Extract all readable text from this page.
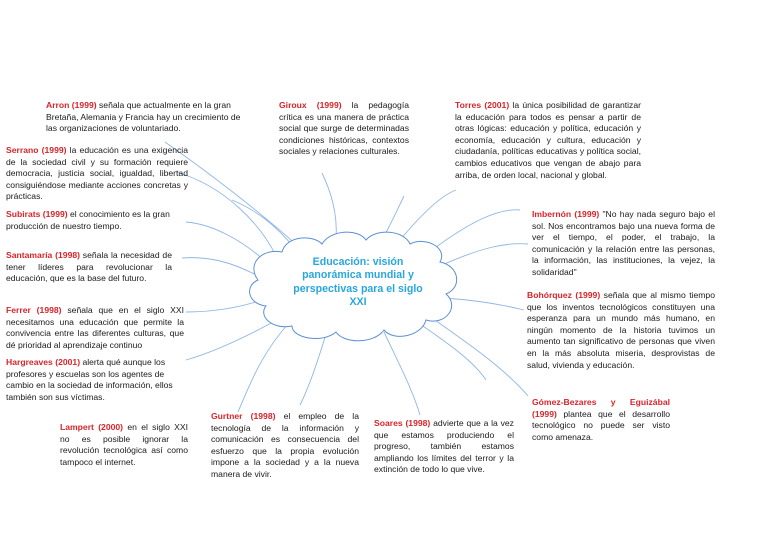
Educación: visión panorámica mundial y perspectivas para el siglo XXI
Arron (1999) señala que actualmente en la gran Bretaña, Alemania y Francia hay un crecimiento de las organizaciones de voluntariado.
Giroux (1999) la pedagogía crítica es una manera de práctica social que surge de determinadas condiciones históricas, contextos sociales y relaciones culturales.
Torres (2001) la única posibilidad de garantizar la educación para todos es pensar a partir de otras lógicas: educación y política, educación y economía, educación y cultura, educación y ciudadanía, políticas educativas y política social, cambios educativos que vengan de abajo para arriba, de orden local, nacional y global.
Serrano (1999) la educación es una exigencia de la sociedad civil y su formación requiere democracia, justicia social, igualdad, libertad consiguiéndose mediante acciones concretas y prácticas.
Subirats (1999) el conocimiento es la gran producción de nuestro tiempo.
Santamaría (1998) señala la necesidad de tener líderes para revolucionar la educación, que es la base del futuro.
Ferrer (1998) señala que en el siglo XXI necesitamos una educación que permite la convivencia entre las diferentes culturas, que dé prioridad al aprendizaje continuo
Hargreaves (2001) alerta qué aunque los profesores y escuelas son los agentes de cambio en la sociedad de información, ellos también son sus víctimas.
Lampert (2000) en el siglo XXI no es posible ignorar la revolución tecnológica así como tampoco el internet.
Gurtner (1998) el empleo de la tecnología de la información y comunicación es consecuencia del esfuerzo que la propia evolución impone a la sociedad y a la nueva manera de vivir.
Soares (1998) advierte que a la vez que estamos produciendo el progreso, también estamos ampliando los límites del terror y la extinción de todo lo que vive.
Imbernón (1999) "No hay nada seguro bajo el sol. Nos encontramos bajo una nueva forma de ver el tiempo, el poder, el trabajo, la comunicación y la relación entre las personas, la información, las instituciones, la vejez, la solidaridad"
Bohórquez (1999) señala que al mismo tiempo que los inventos tecnológicos constituyen una esperanza para un mundo más humano, en ningún momento de la historia tuvimos un aumento tan significativo de personas que viven en la más absoluta miseria, desprovistas de salud, vivienda y educación.
Gómez-Bezares y Eguizábal (1999) plantea que el desarrollo tecnológico no puede ser visto como amenaza.
